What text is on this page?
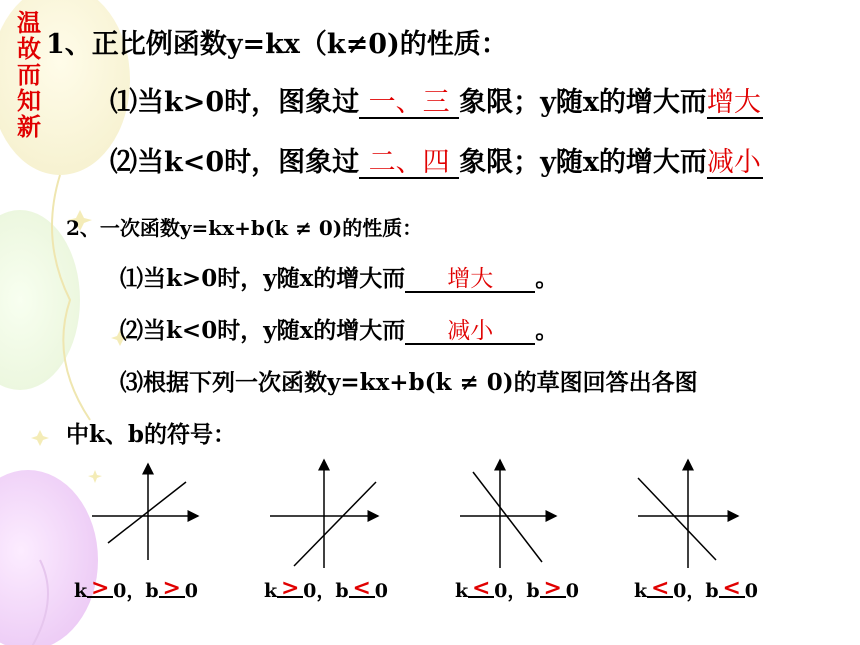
温
故
而
知
新
1、正比例函数y=kx（k≠0)的性质：
⑴当k>0时，图象过 一、三 象限；y随x的增大而增大
⑵当k<0时，图象过 二、四 象限；y随x的增大而减小
2、一次函数y=kx+b(k ≠ 0)的性质：
⑴当k>0时，y随x的增大而 增大 。
⑵当k<0时，y随x的增大而 减小 。
⑶根据下列一次函数y=kx+b(k ≠ 0)的草图回答出各图
中k、b的符号：
k > 0，b > 0	k > 0，b < 0	k < 0，b > 0	k < 0，b < 0
